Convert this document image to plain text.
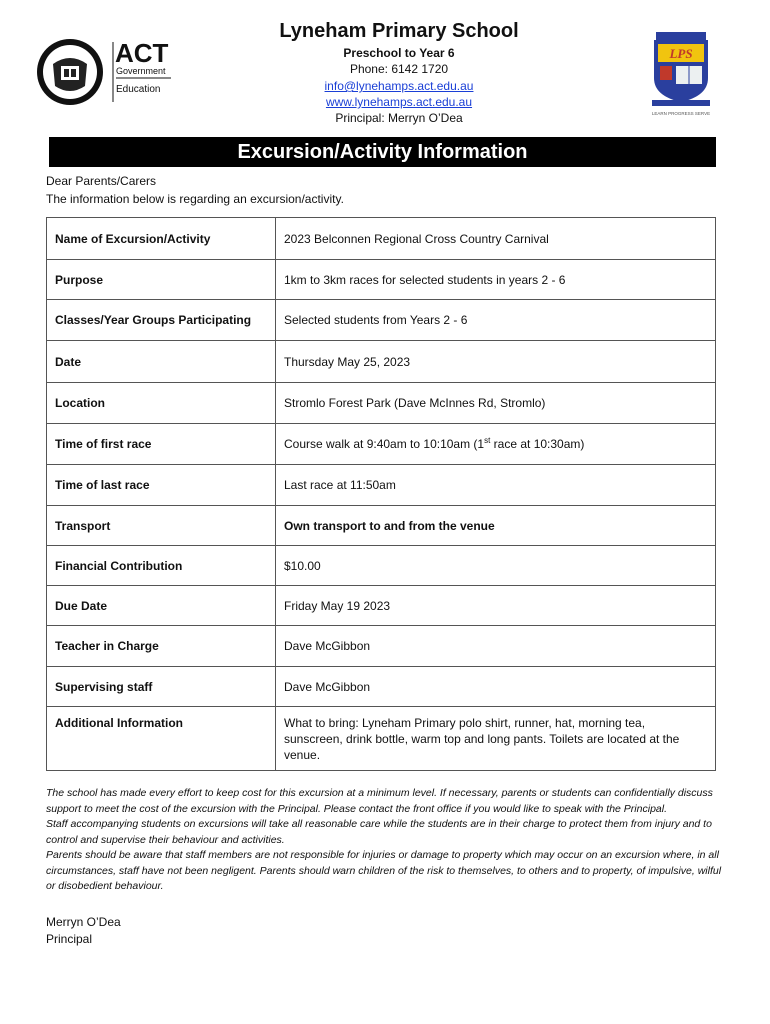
ACT
Government
Education
LPS
LEARN PROGRESS SERVE
Lyneham Primary School
Preschool to Year 6
Phone: 6142 1720
info@lynehamps.act.edu.au
www.lynehamps.act.edu.au
Principal: Merryn O’Dea
Excursion/Activity Information
Dear Parents/Carers
The information below is regarding an excursion/activity.
Name of Excursion/Activity	2023 Belconnen Regional Cross Country Carnival
Purpose	1km to 3km races for selected students in years 2 - 6
Classes/Year Groups Participating	Selected students from Years 2 - 6
Date	Thursday May 25, 2023
Location	Stromlo Forest Park (Dave McInnes Rd, Stromlo)
Time of first race	Course walk at 9:40am to 10:10am (1st race at 10:30am)
Time of last race	Last race at 11:50am
Transport	Own transport to and from the venue
Financial Contribution	$10.00
Due Date	Friday May 19 2023
Teacher in Charge	Dave McGibbon
Supervising staff	Dave McGibbon
Additional Information	What to bring: Lyneham Primary polo shirt, runner, hat, morning tea, sunscreen, drink bottle, warm top and long pants. Toilets are located at the venue.
The school has made every effort to keep cost for this excursion at a minimum level. If necessary, parents or students can confidentially discuss support to meet the cost of the excursion with the Principal. Please contact the front office if you would like to speak with the Principal.
Staff accompanying students on excursions will take all reasonable care while the students are in their charge to protect them from injury and to control and supervise their behaviour and activities.
Parents should be aware that staff members are not responsible for injuries or damage to property which may occur on an excursion where, in all circumstances, staff have not been negligent. Parents should warn children of the risk to themselves, to others and to property, of impulsive, wilful or disobedient behaviour.
Merryn O’Dea
Principal
